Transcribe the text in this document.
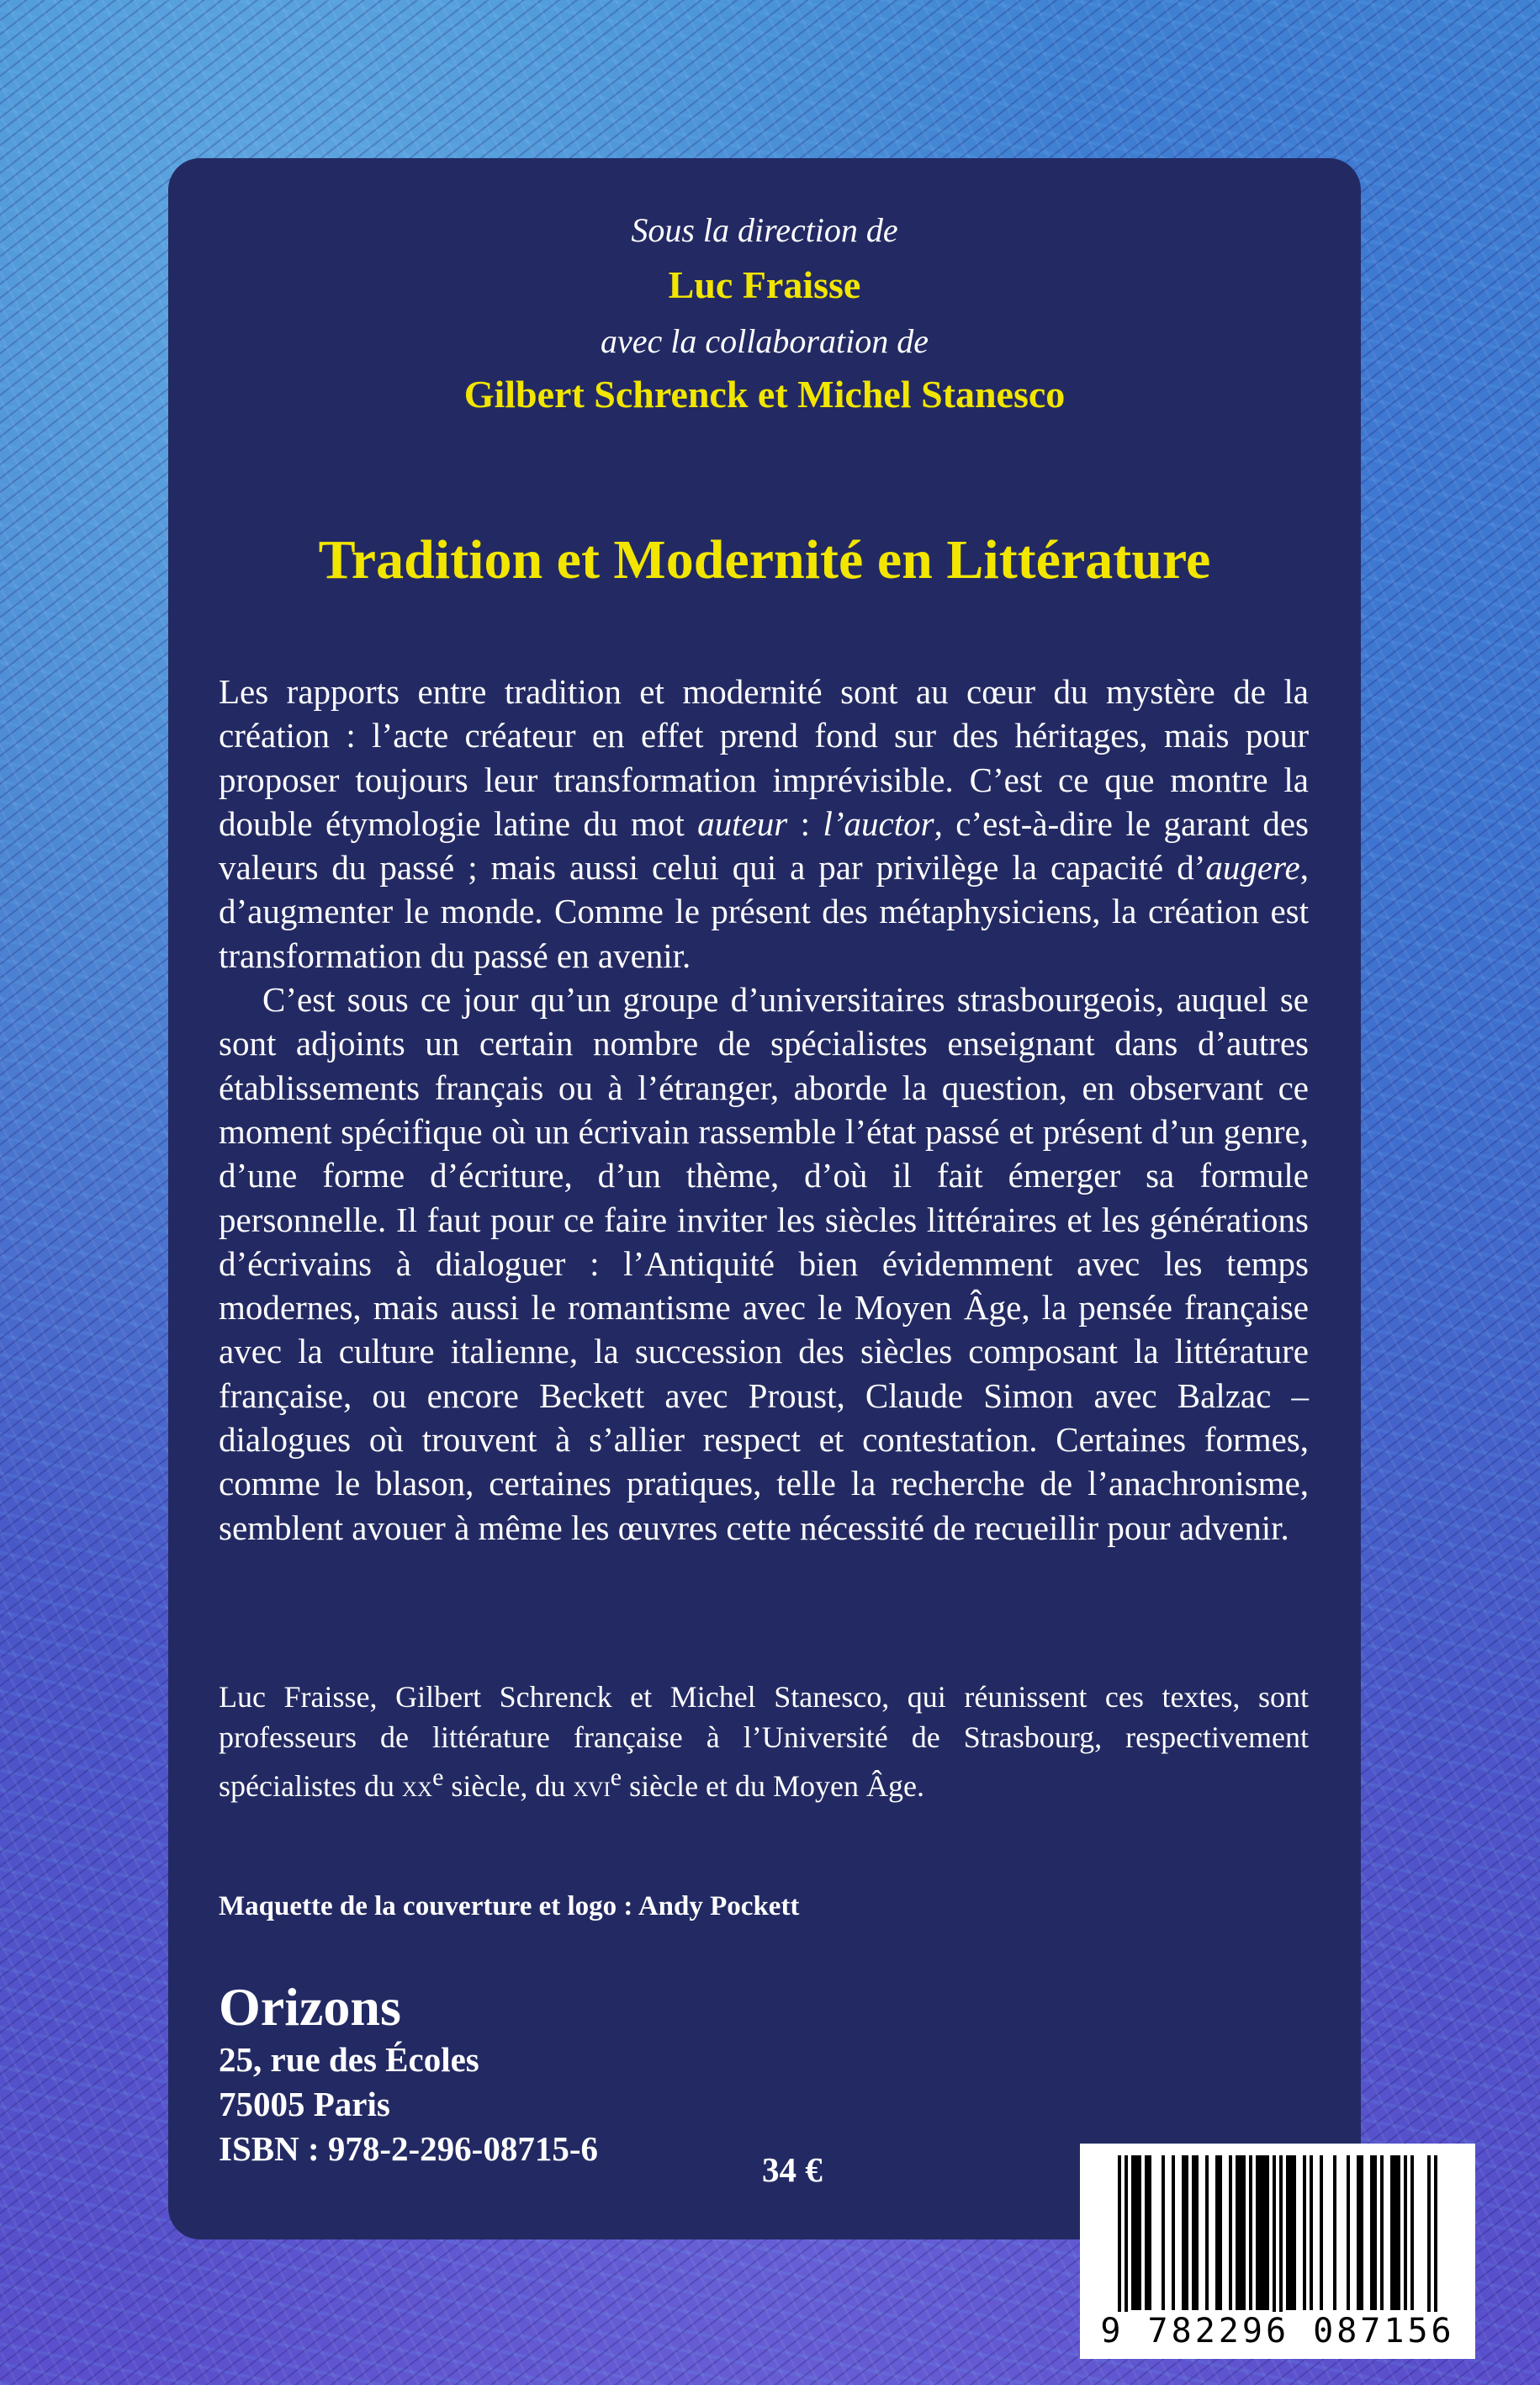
Sous la direction de
Luc Fraisse
avec la collaboration de
Gilbert Schrenck et Michel Stanesco
Tradition et Modernité en Littérature

Les rapports entre tradition et modernité sont au cœur du mystère de la création : l’acte créateur en effet prend fond sur des héritages, mais pour proposer toujours leur transformation imprévisible. C’est ce que montre la double étymologie latine du mot auteur : l’auctor, c’est-à-dire le garant des valeurs du passé ; mais aussi celui qui a par privilège la capacité d’augere, d’augmenter le monde. Comme le présent des métaphysiciens, la création est transformation du passé en avenir.

C’est sous ce jour qu’un groupe d’universitaires strasbourgeois, auquel se sont adjoints un certain nombre de spécialistes enseignant dans d’autres établissements français ou à l’étranger, aborde la question, en observant ce moment spécifique où un écrivain rassemble l’état passé et présent d’un genre, d’une forme d’écriture, d’un thème, d’où il fait émerger sa formule personnelle. Il faut pour ce faire inviter les siècles littéraires et les générations d’écrivains à dialoguer : l’Antiquité bien évidemment avec les temps modernes, mais aussi le romantisme avec le Moyen Âge, la pensée française avec la culture italienne, la succession des siècles composant la littérature française, ou encore Beckett avec Proust, Claude Simon avec Balzac – dialogues où trouvent à s’allier respect et contestation. Certaines formes, comme le blason, certaines pratiques, telle la recherche de l’anachronisme, semblent avouer à même les œuvres cette nécessité de recueillir pour advenir.

Luc Fraisse, Gilbert Schrenck et Michel Stanesco, qui réunissent ces textes, sont professeurs de littérature française à l’Université de Strasbourg, respectivement spécialistes du $xx^e$ siècle, du xvi$^e$ siècle et du Moyen Âge.
Maquette de la couverture et logo : Andy Pockett
Orizons
25, rue des Écoles
75005 Paris
ISBN : 978-2-296-08715-6
34 €
9 782296 087156
